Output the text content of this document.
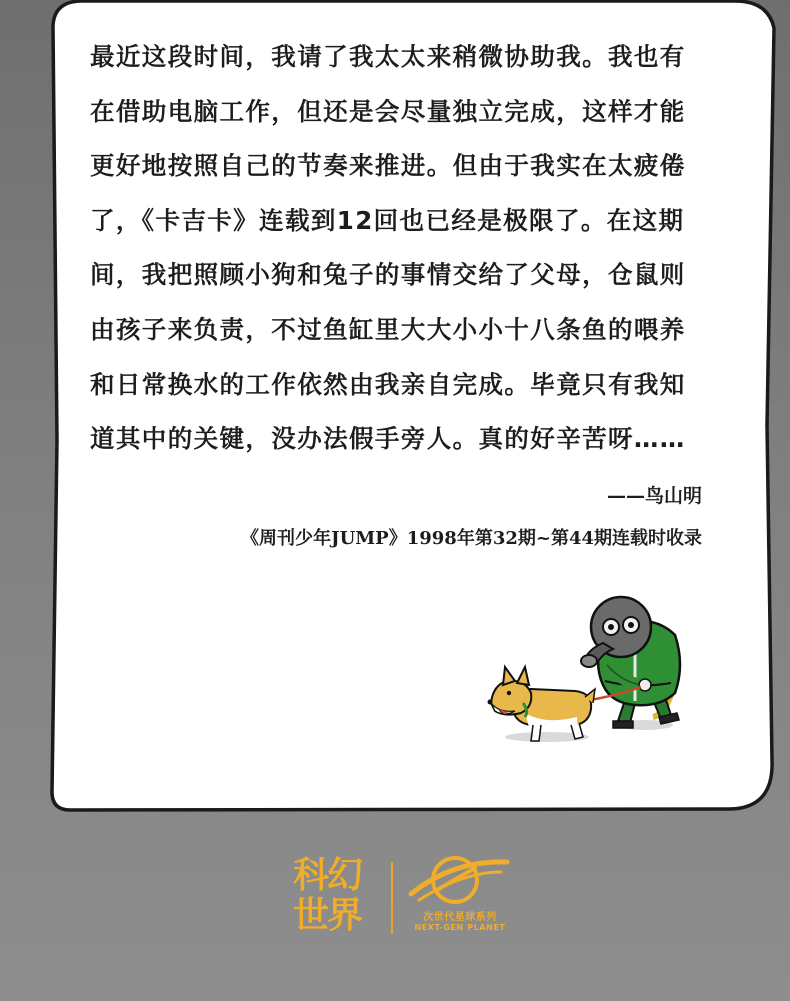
最近这段时间，我请了我太太来稍微协助我。我也有在借助电脑工作，但还是会尽量独立完成，这样才能更好地按照自己的节奏来推进。但由于我实在太疲倦了，《卡吉卡》连载到12回也已经是极限了。在这期间，我把照顾小狗和兔子的事情交给了父母，仓鼠则由孩子来负责，不过鱼缸里大大小小十八条鱼的喂养和日常换水的工作依然由我亲自完成。毕竟只有我知道其中的关键，没办法假手旁人。真的好辛苦呀……

——鸟山明
《周刊少年JUMP》1998年第32期~第44期连载时收录
科幻
世界	次世代星球系列
NEXT-GEN PLANET
